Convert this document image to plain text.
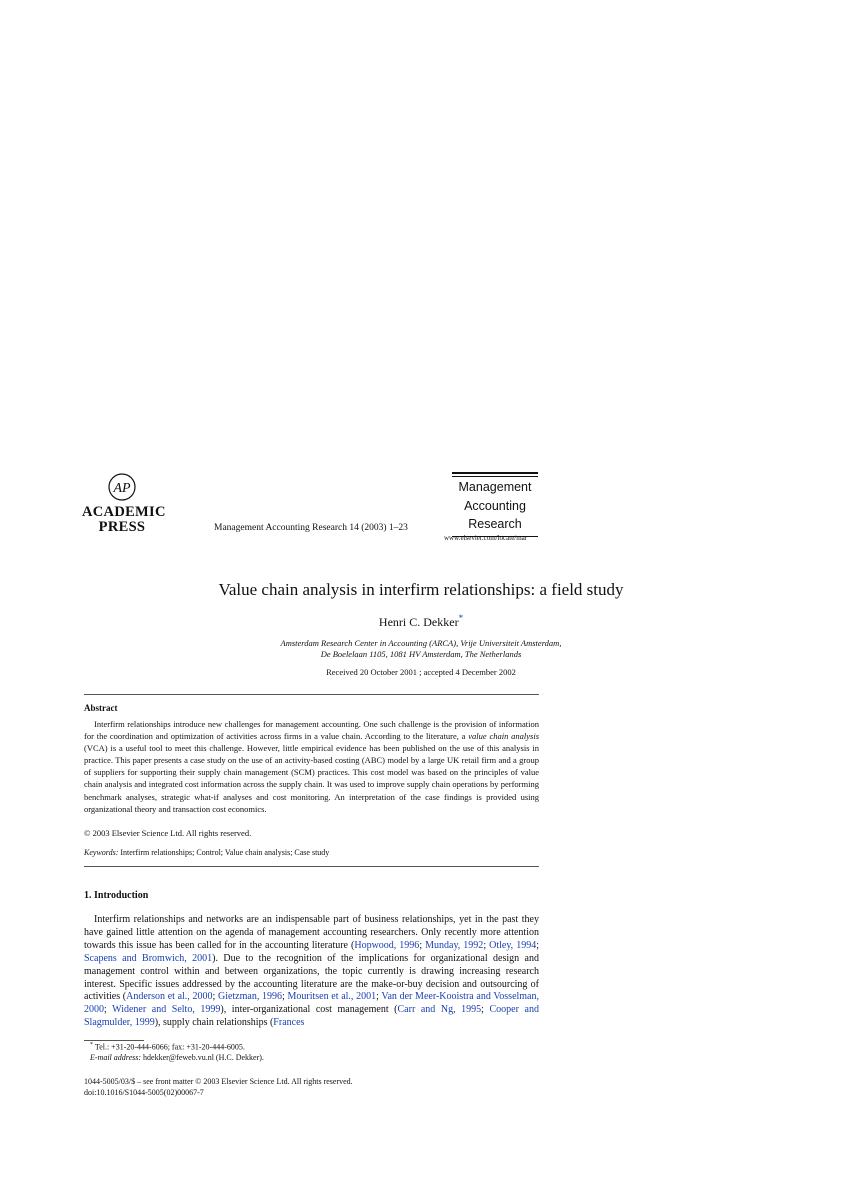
AP
ACADEMIC
PRESS	Management Accounting Research 14 (2003) 1–23
Management
Accounting
Research
www.elsevier.com/locate/mar
Value chain analysis in interfirm relationships: a field study
Henri C. Dekker*
Amsterdam Research Center in Accounting (ARCA), Vrije Universiteit Amsterdam,
De Boelelaan 1105, 1081 HV Amsterdam, The Netherlands
Received 20 October 2001 ; accepted 4 December 2002
Abstract

Interfirm relationships introduce new challenges for management accounting. One such challenge is the provision of information for the coordination and optimization of activities across firms in a value chain. According to the literature, a value chain analysis (VCA) is a useful tool to meet this challenge. However, little empirical evidence has been published on the use of this analysis in practice. This paper presents a case study on the use of an activity-based costing (ABC) model by a large UK retail firm and a group of suppliers for supporting their supply chain management (SCM) practices. This cost model was based on the principles of value chain analysis and integrated cost information across the supply chain. It was used to improve supply chain operations by performing benchmark analyses, strategic what-if analyses and cost monitoring. An interpretation of the case findings is provided using organizational theory and transaction cost economics.

© 2003 Elsevier Science Ltd. All rights reserved.
Keywords: Interfirm relationships; Control; Value chain analysis; Case study
1. Introduction

Interfirm relationships and networks are an indispensable part of business relationships, yet in the past they have gained little attention on the agenda of management accounting researchers. Only recently more attention towards this issue has been called for in the accounting literature (Hopwood, 1996; Munday, 1992; Otley, 1994; Scapens and Bromwich, 2001). Due to the recognition of the implications for organizational design and management control within and between organizations, the topic currently is drawing increasing research interest. Specific issues addressed by the accounting literature are the make-or-buy decision and outsourcing of activities (Anderson et al., 2000; Gietzman, 1996; Mouritsen et al., 2001; Van der Meer-Kooistra and Vosselman, 2000; Widener and Selto, 1999), inter-organizational cost management (Carr and Ng, 1995; Cooper and Slagmulder, 1999), supply chain relationships (Frances

* Tel.: +31-20-444-6066; fax: +31-20-444-6005.
E-mail address: hdekker@feweb.vu.nl (H.C. Dekker).
1044-5005/03/$ – see front matter © 2003 Elsevier Science Ltd. All rights reserved.
doi:10.1016/S1044-5005(02)00067-7
